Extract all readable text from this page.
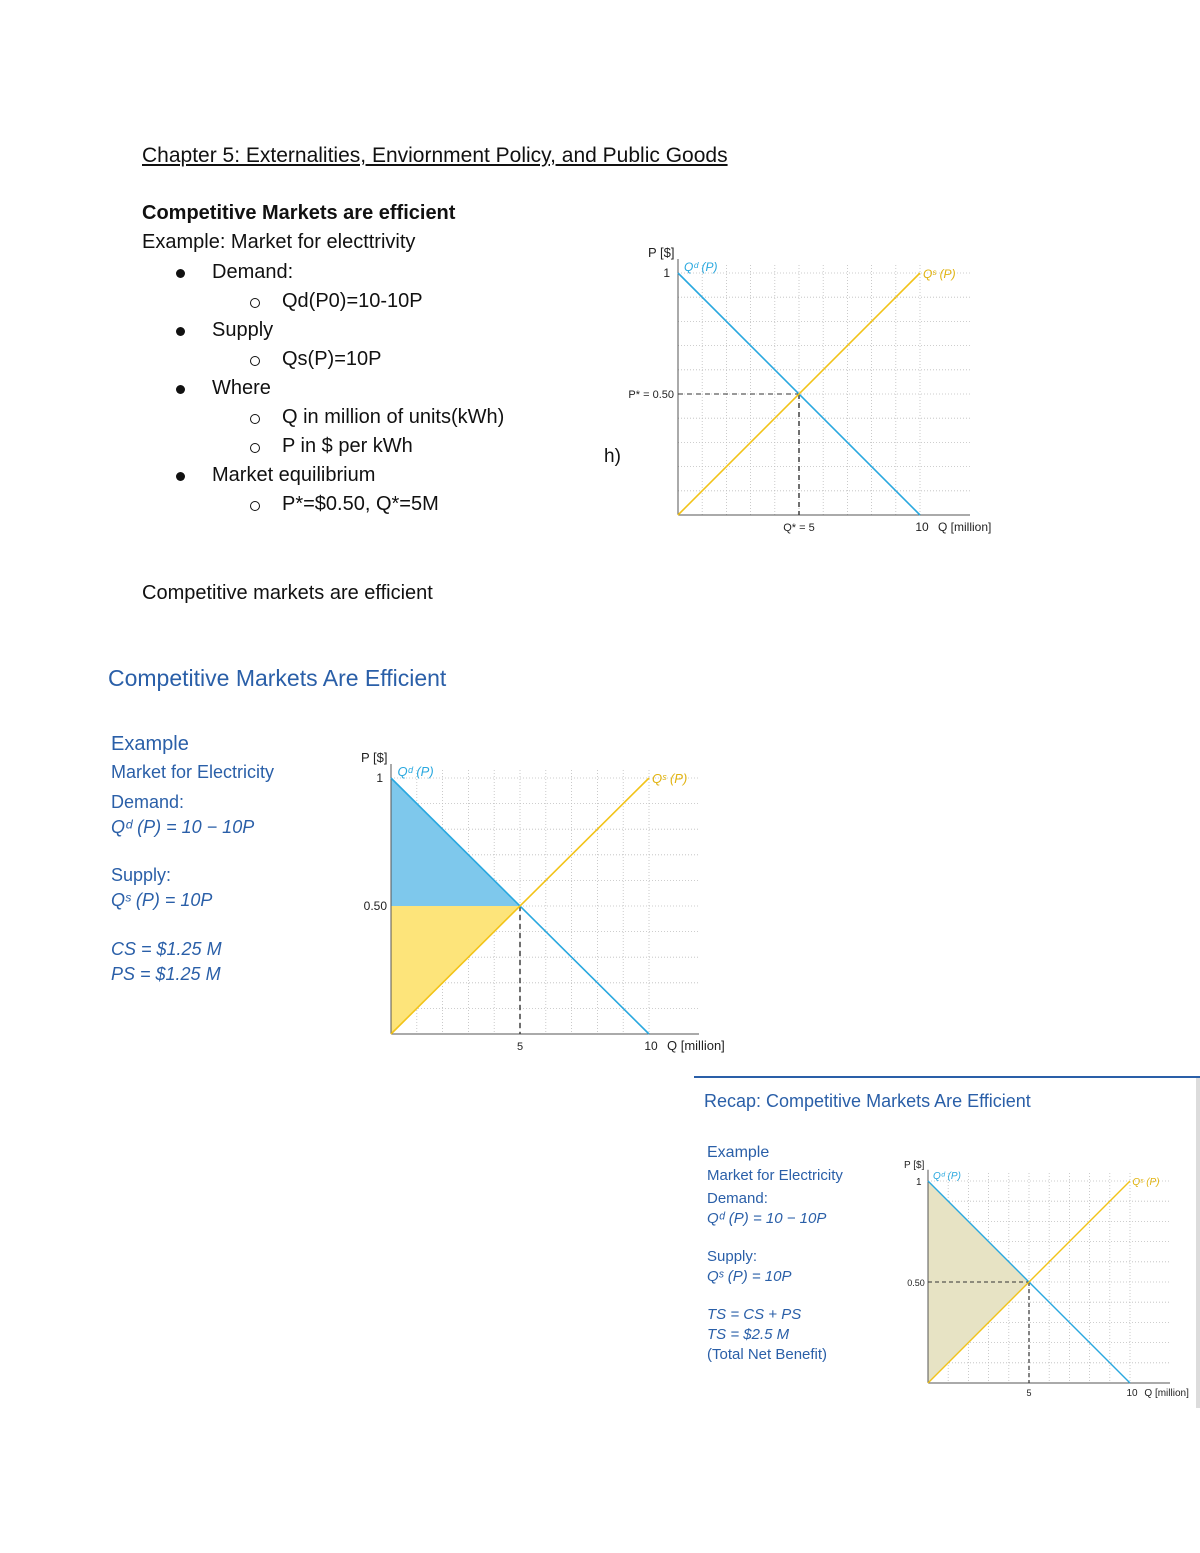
Chapter 5: Externalities, Enviornment Policy, and Public Goods
Competitive Markets are efficient
Example: Market for electtrivity
Demand:
Qd(P0)=10-10P
Supply
Qs(P)=10P
Where
Q in million of units(kWh)
P in $ per kWh
Market equilibrium
P*=$0.50, Q*=5M
h)
P [$]
Q [million]
Qᵈ (P)	Qˢ (P)
1
P* = 0.50
Q* = 5	10
Competitive markets are efficient
Competitive Markets Are Efficient
Example
Market for Electricity
Demand:
Qᵈ (P) = 10 − 10P
Supply:
Qˢ (P) = 10P
CS = $1.25 M
PS = $1.25 M
P [$]
Q [million]
Qᵈ (P)	Qˢ (P)
1
0.50
5	10
Recap: Competitive Markets Are Efficient
Example
Market for Electricity
Demand:
Qᵈ (P) = 10 − 10P
Supply:
Qˢ (P) = 10P
TS = CS + PS
TS = $2.5 M
(Total Net Benefit)
P [$]
Q [million]
Qᵈ (P)
Qˢ (P)
1
0.50
5	10
